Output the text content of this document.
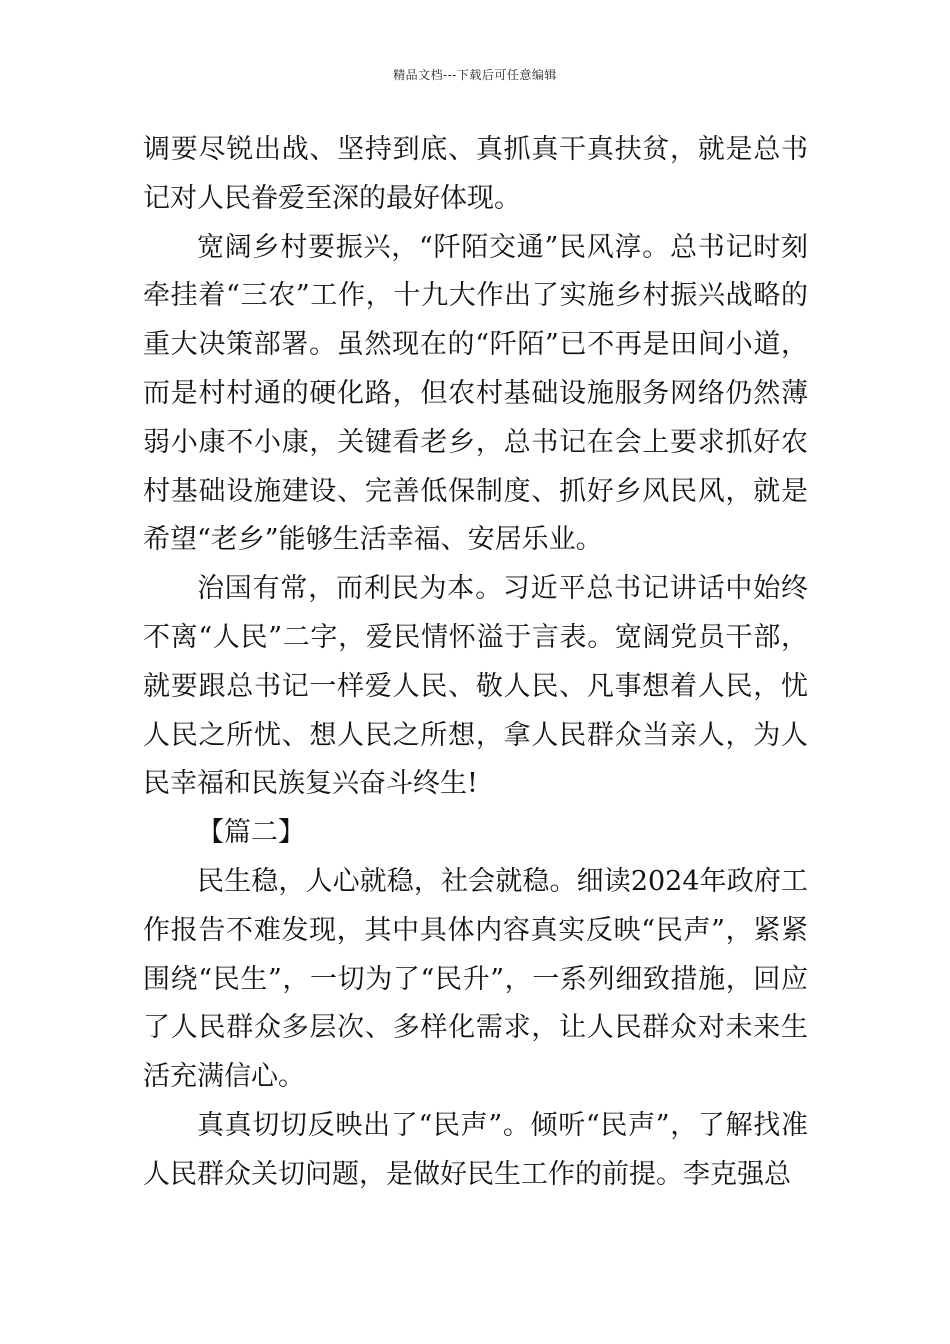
精品文档---下载后可任意编辑

调要尽锐出战、坚持到底、真抓真干真扶贫，就是总书记对人民眷爱至深的最好体现。

宽阔乡村要振兴，“阡陌交通”民风淳。总书记时刻牵挂着“三农”工作，十九大作出了实施乡村振兴战略的重大决策部署。虽然现在的“阡陌”已不再是田间小道，而是村村通的硬化路，但农村基础设施服务网络仍然薄弱小康不小康，关键看老乡，总书记在会上要求抓好农村基础设施建设、完善低保制度、抓好乡风民风，就是希望“老乡”能够生活幸福、安居乐业。

治国有常，而利民为本。习近平总书记讲话中始终不离“人民”二字，爱民情怀溢于言表。宽阔党员干部，就要跟总书记一样爱人民、敬人民、凡事想着人民，忧人民之所忧、想人民之所想，拿人民群众当亲人，为人民幸福和民族复兴奋斗终生!

【篇二】

民生稳，人心就稳，社会就稳。细读2024年政府工作报告不难发现，其中具体内容真实反映“民声”，紧紧围绕“民生”，一切为了“民升”，一系列细致措施，回应了人民群众多层次、多样化需求，让人民群众对未来生活充满信心。

真真切切反映出了“民声”。倾听“民声”，了解找准人民群众关切问题，是做好民生工作的前提。李克强总
